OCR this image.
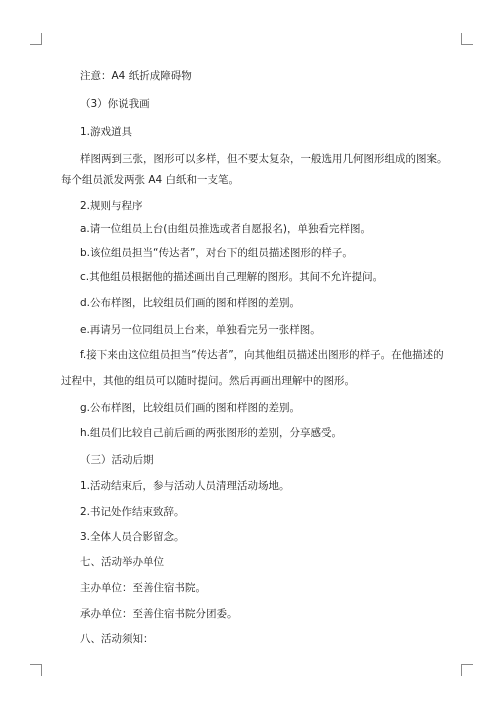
注意：A4 纸折成障碍物
（3）你说我画
1.游戏道具
样图两到三张，图形可以多样，但不要太复杂，一般选用几何图形组成的图案。
每个组员派发两张 A4 白纸和一支笔。
2.规则与程序
a.请一位组员上台(由组员推选或者自愿报名)，单独看完样图。
b.该位组员担当“传达者”，对台下的组员描述图形的样子。
c.其他组员根据他的描述画出自己理解的图形。其间不允许提问。
d.公布样图，比较组员们画的图和样图的差别。
e.再请另一位同组员上台来，单独看完另一张样图。
f.接下来由这位组员担当“传达者”，向其他组员描述出图形的样子。在他描述的
过程中，其他的组员可以随时提问。然后再画出理解中的图形。
g.公布样图，比较组员们画的图和样图的差别。
h.组员们比较自己前后画的两张图形的差别，分享感受。
（三）活动后期
1.活动结束后，参与活动人员清理活动场地。
2.书记处作结束致辞。
3.全体人员合影留念。
七、活动举办单位
主办单位：至善住宿书院。
承办单位：至善住宿书院分团委。
八、活动须知：
